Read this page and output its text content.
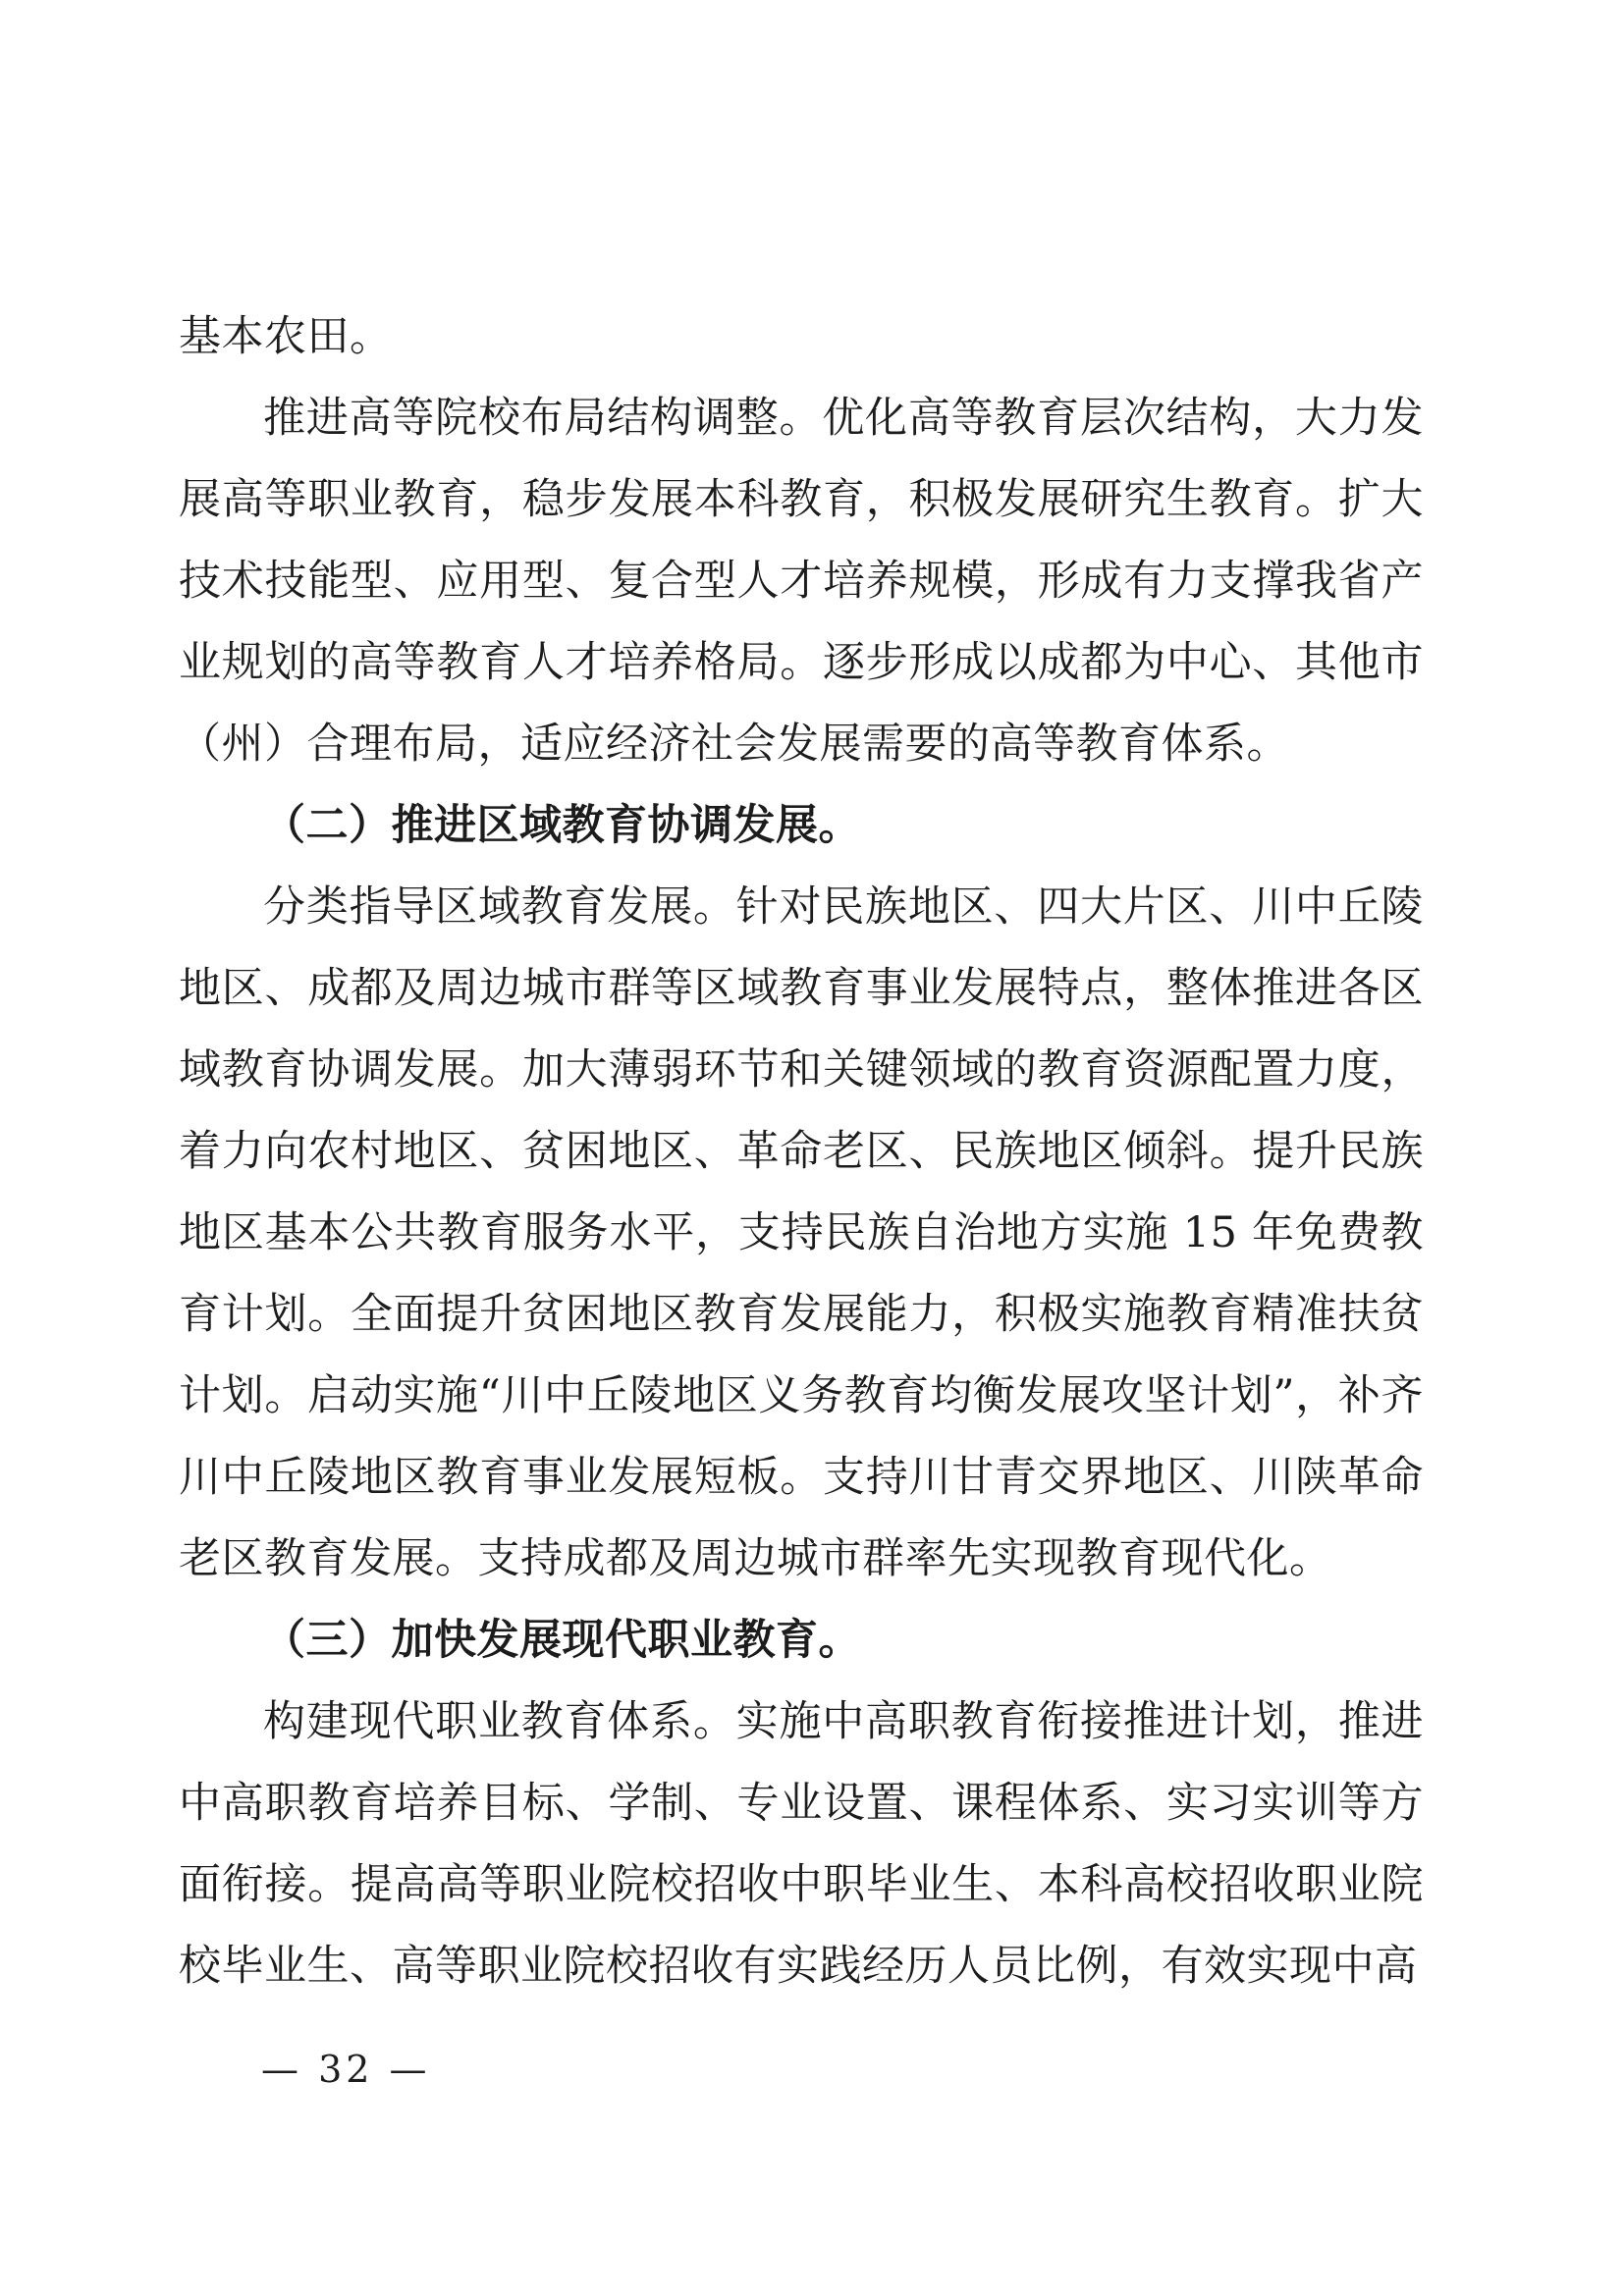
基本农田。

推进高等院校布局结构调整。优化高等教育层次结构，大力发展高等职业教育，稳步发展本科教育，积极发展研究生教育。扩大技术技能型、应用型、复合型人才培养规模，形成有力支撑我省产业规划的高等教育人才培养格局。逐步形成以成都为中心、其他市（州）合理布局，适应经济社会发展需要的高等教育体系。

（二）推进区域教育协调发展。

分类指导区域教育发展。针对民族地区、四大片区、川中丘陵地区、成都及周边城市群等区域教育事业发展特点，整体推进各区域教育协调发展。加大薄弱环节和关键领域的教育资源配置力度，着力向农村地区、贫困地区、革命老区、民族地区倾斜。提升民族地区基本公共教育服务水平，支持民族自治地方实施 15 年免费教育计划。全面提升贫困地区教育发展能力，积极实施教育精准扶贫计划。启动实施“川中丘陵地区义务教育均衡发展攻坚计划”，补齐川中丘陵地区教育事业发展短板。支持川甘青交界地区、川陕革命老区教育发展。支持成都及周边城市群率先实现教育现代化。

（三）加快发展现代职业教育。

构建现代职业教育体系。实施中高职教育衔接推进计划，推进中高职教育培养目标、学制、专业设置、课程体系、实习实训等方面衔接。提高高等职业院校招收中职毕业生、本科高校招收职业院校毕业生、高等职业院校招收有实践经历人员比例，有效实现中高

— 32 —
